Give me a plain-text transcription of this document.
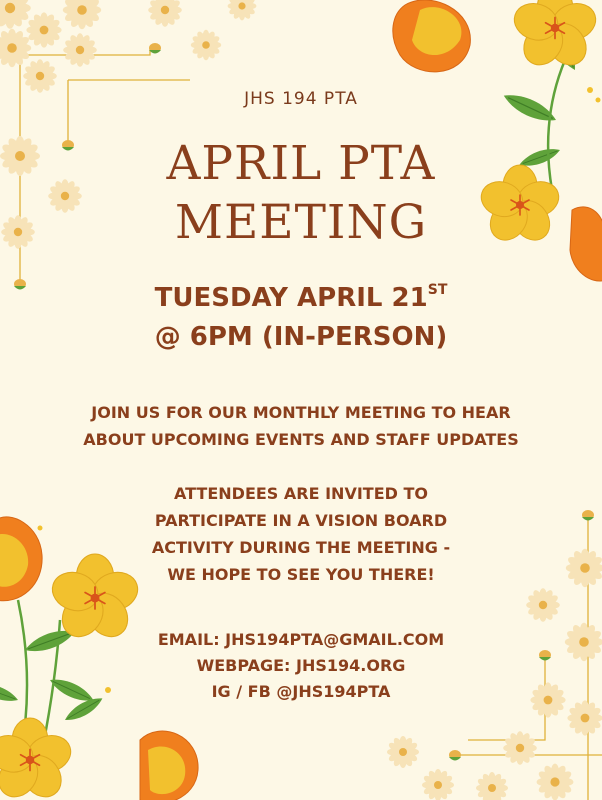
JHS 194 PTA
APRIL PTA
MEETING
TUESDAY APRIL 21ST
@ 6PM (IN-PERSON)
JOIN US FOR OUR MONTHLY MEETING TO HEAR
ABOUT UPCOMING EVENTS AND STAFF UPDATES
ATTENDEES ARE INVITED TO
PARTICIPATE IN A VISION BOARD
ACTIVITY DURING THE MEETING -
WE HOPE TO SEE YOU THERE!
EMAIL: JHS194PTA@GMAIL.COM
WEBPAGE: JHS194.ORG
IG / FB @JHS194PTA
